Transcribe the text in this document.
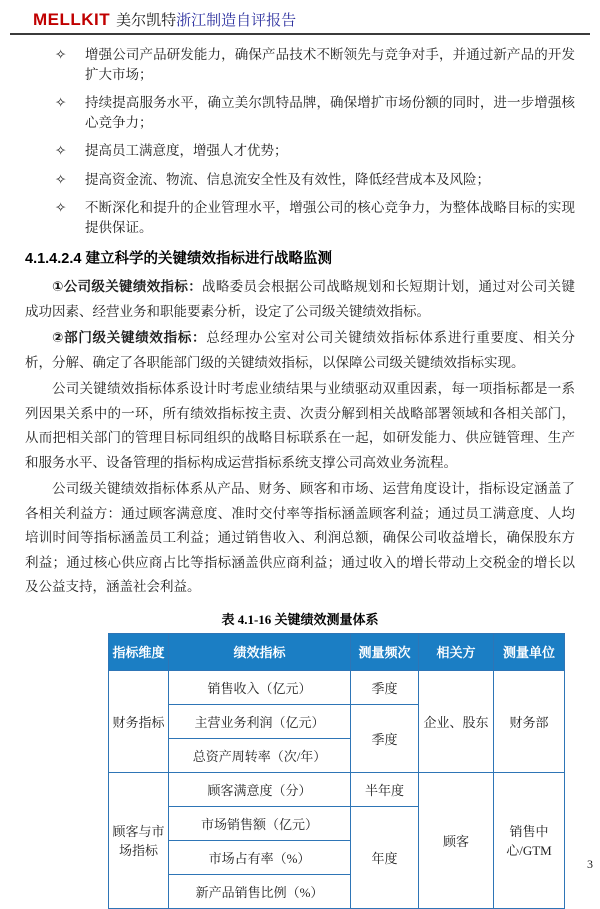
MELLKIT 美尔凯特浙江制造自评报告
✧	增强公司产品研发能力，确保产品技术不断领先与竞争对手，并通过新产品的开发扩大市场；
✧	持续提高服务水平，确立美尔凯特品牌，确保增扩市场份额的同时，进一步增强核心竞争力；
✧	提高员工满意度，增强人才优势；
✧	提高资金流、物流、信息流安全性及有效性，降低经营成本及风险；
✧	不断深化和提升的企业管理水平，增强公司的核心竞争力，为整体战略目标的实现提供保证。
4.1.4.2.4 建立科学的关键绩效指标进行战略监测

①公司级关键绩效指标：战略委员会根据公司战略规划和长短期计划，通过对公司关键成功因素、经营业务和职能要素分析，设定了公司级关键绩效指标。

②部门级关键绩效指标：总经理办公室对公司关键绩效指标体系进行重要度、相关分析，分解、确定了各职能部门级的关键绩效指标，以保障公司级关键绩效指标实现。

公司关键绩效指标体系设计时考虑业绩结果与业绩驱动双重因素，每一项指标都是一系列因果关系中的一环，所有绩效指标按主责、次责分解到相关战略部署领域和各相关部门，从而把相关部门的管理目标同组织的战略目标联系在一起，如研发能力、供应链管理、生产和服务水平、设备管理的指标构成运营指标系统支撑公司高效业务流程。

公司级关键绩效指标体系从产品、财务、顾客和市场、运营角度设计，指标设定涵盖了各相关利益方：通过顾客满意度、准时交付率等指标涵盖顾客利益；通过员工满意度、人均培训时间等指标涵盖员工利益；通过销售收入、利润总额，确保公司收益增长，确保股东方利益；通过核心供应商占比等指标涵盖供应商利益；通过收入的增长带动上交税金的增长以及公益支持，涵盖社会利益。

表 4.1-16 关键绩效测量体系
指标维度	绩效指标	测量频次	相关方	测量单位
财务指标	销售收入（亿元）	季度	企业、股东	财务部
	主营业务利润（亿元）	季度		
	总资产周转率（次/年）			
顾客与市场指标	顾客满意度（分）	半年度	顾客	销售中心/GTM
	市场销售额（亿元）	年度		
	市场占有率（%）			
	新产品销售比例（%）			
3
